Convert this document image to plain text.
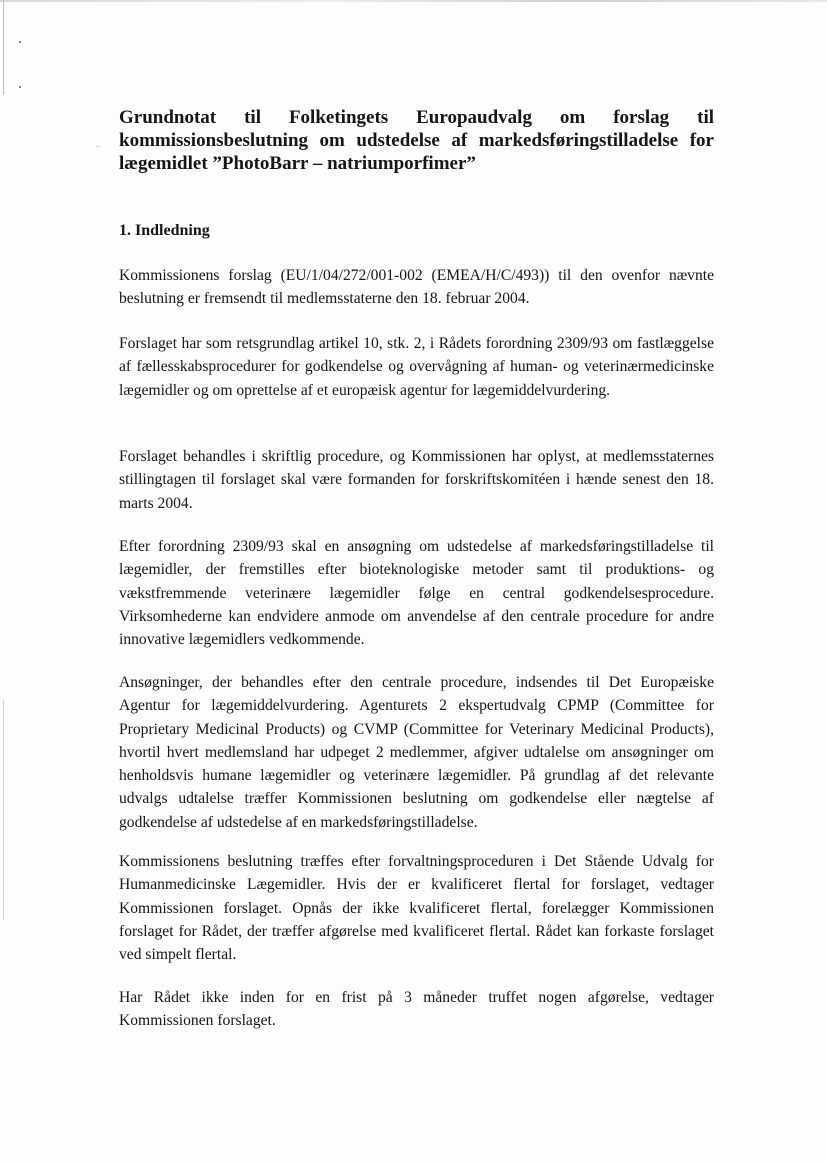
Grundnotat til Folketingets Europaudvalg om forslag til kommissionsbeslutning om udstedelse af markedsføringstilladelse for lægemidlet ”PhotoBarr – natriumporfimer”
1. Indledning

Kommissionens forslag (EU/1/04/272/001-002 (EMEA/H/C/493)) til den ovenfor nævnte beslutning er fremsendt til medlemsstaterne den 18. februar 2004.

Forslaget har som retsgrundlag artikel 10, stk. 2, i Rådets forordning 2309/93 om fastlæggelse af fællesskabsprocedurer for godkendelse og overvågning af human- og veterinærmedicinske lægemidler og om oprettelse af et europæisk agentur for lægemiddelvurdering.

Forslaget behandles i skriftlig procedure, og Kommissionen har oplyst, at medlemsstaternes stillingtagen til forslaget skal være formanden for forskriftskomitéen i hænde senest den 18. marts 2004.

Efter forordning 2309/93 skal en ansøgning om udstedelse af markedsføringstilladelse til lægemidler, der fremstilles efter bioteknologiske metoder samt til produktions- og vækstfremmende veterinære lægemidler følge en central godkendelsesprocedure. Virksomhederne kan endvidere anmode om anvendelse af den centrale procedure for andre innovative lægemidlers vedkommende.

Ansøgninger, der behandles efter den centrale procedure, indsendes til Det Europæiske Agentur for lægemiddelvurdering. Agenturets 2 ekspertudvalg CPMP (Committee for Proprietary Medicinal Products) og CVMP (Committee for Veterinary Medicinal Products), hvortil hvert medlemsland har udpeget 2 medlemmer, afgiver udtalelse om ansøgninger om henholdsvis humane lægemidler og veterinære lægemidler. På grundlag af det relevante udvalgs udtalelse træffer Kommissionen beslutning om godkendelse eller nægtelse af godkendelse af udstedelse af en markedsføringstilladelse.

Kommissionens beslutning træffes efter forvaltningsproceduren i Det Stående Udvalg for Humanmedicinske Lægemidler. Hvis der er kvalificeret flertal for forslaget, vedtager Kommissionen forslaget. Opnås der ikke kvalificeret flertal, forelægger Kommissionen forslaget for Rådet, der træffer afgørelse med kvalificeret flertal. Rådet kan forkaste forslaget ved simpelt flertal.

Har Rådet ikke inden for en frist på 3 måneder truffet nogen afgørelse, vedtager Kommissionen forslaget.
